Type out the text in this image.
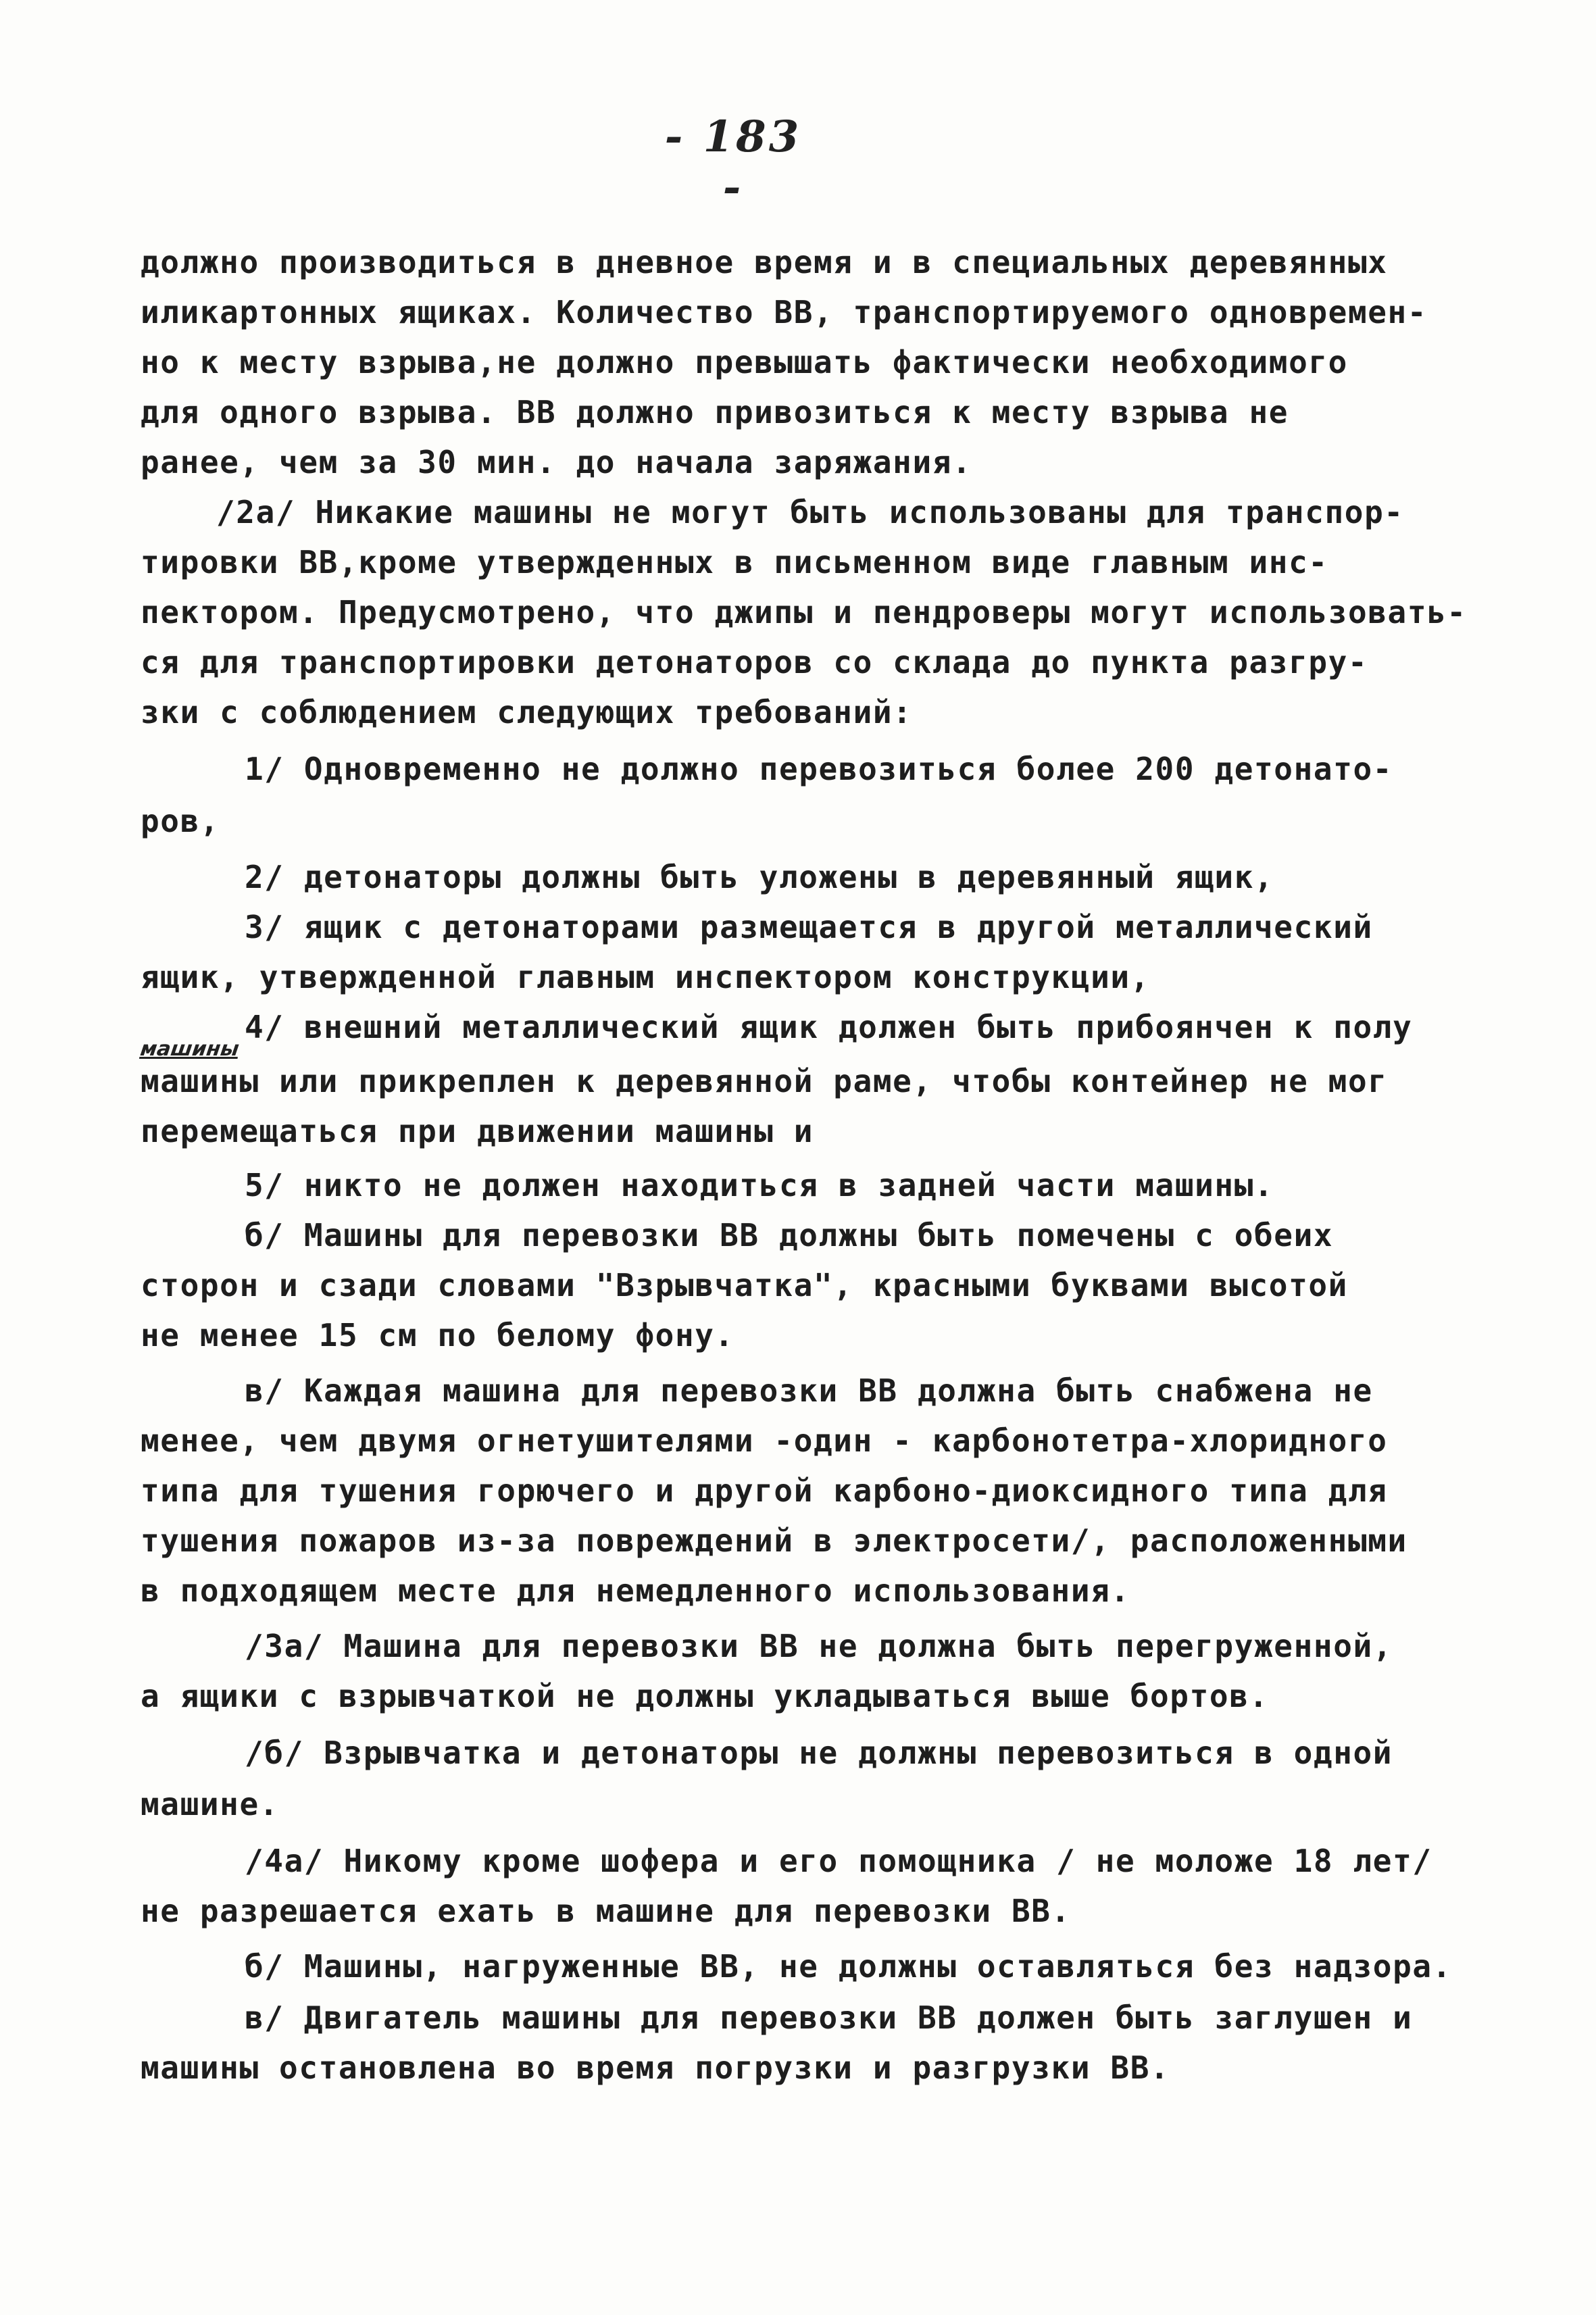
- 183 -
должно производиться в дневное время и в специальных деревянных
иликартонных ящиках. Количество ВВ, транспортируемого одновремен-
но к месту взрыва,не должно превышать фактически необходимого
для одного взрыва. ВВ должно привозиться к месту взрыва не
ранее, чем за 30 мин. до начала заряжания.
/2а/ Никакие машины не могут быть использованы для транспор-
тировки ВВ,кроме утвержденных в письменном виде главным инс-
пектором. Предусмотрено, что джипы и пендроверы могут использовать-
ся для транспортировки детонаторов со склада до пункта разгру-
зки с соблюдением следующих требований:
1/ Одновременно не должно перевозиться более 200 детонато-
ров,
2/ детонаторы должны быть уложены в деревянный ящик,
3/ ящик с детонаторами размещается в другой металлический
ящик, утвержденной главным инспектором конструкции,
4/ внешний металлический ящик должен быть прибоянчен к полу
машины
машины или прикреплен к деревянной раме, чтобы контейнер не мог
перемещаться при движении машины и
5/ никто не должен находиться в задней части машины.
б/ Машины для перевозки ВВ должны быть помечены с обеих
сторон и сзади словами "Взрывчатка", красными буквами высотой
не менее 15 см по белому фону.
в/ Каждая машина для перевозки ВВ должна быть снабжена не
менее, чем двумя огнетушителями -один - карбонотетра-хлоридного
типа для тушения горючего и другой карбоно-диоксидного типа для
тушения пожаров из-за повреждений в электросети/, расположенными
в подходящем месте для немедленного использования.
/3а/ Машина для перевозки ВВ не должна быть перегруженной,
а ящики с взрывчаткой не должны укладываться выше бортов.
/б/ Взрывчатка и детонаторы не должны перевозиться в одной
машине.
/4а/ Никому кроме шофера и его помощника / не моложе 18 лет/
не разрешается ехать в машине для перевозки ВВ.
б/ Машины, нагруженные ВВ, не должны оставляться без надзора.
в/ Двигатель машины для перевозки ВВ должен быть заглушен и
машины остановлена во время погрузки и разгрузки ВВ.
